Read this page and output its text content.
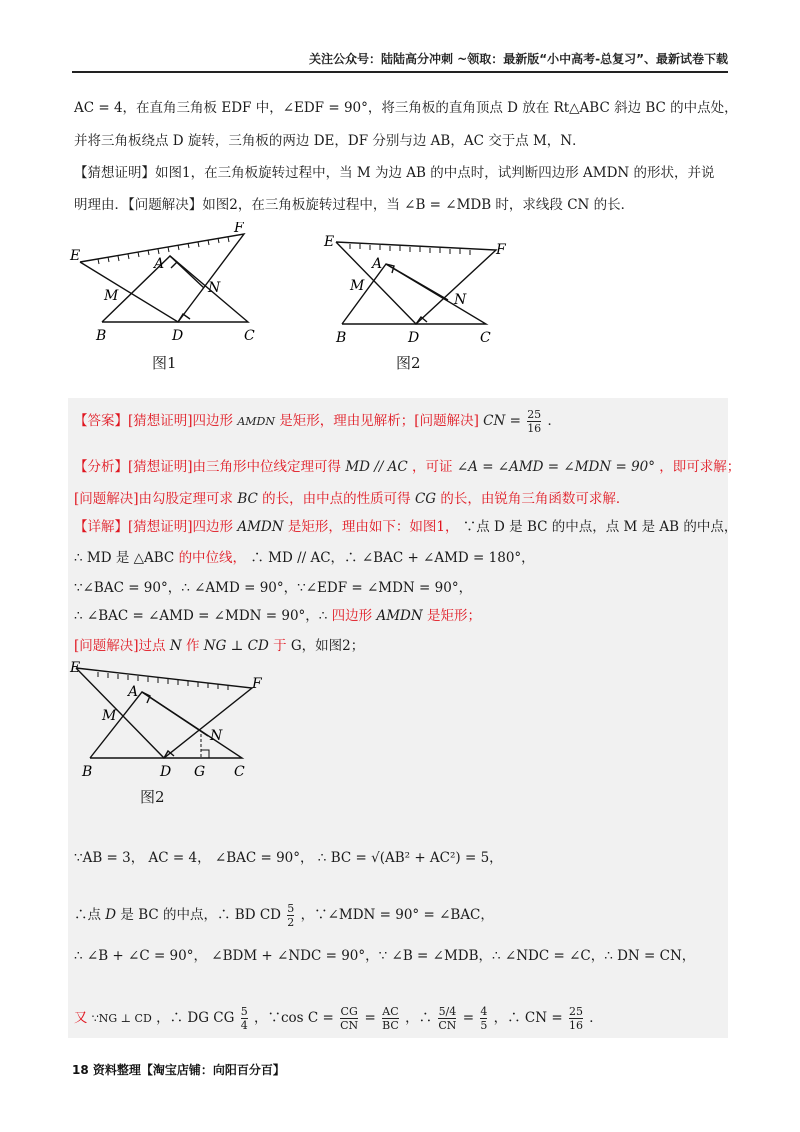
关注公众号：陆陆高分冲刺 ~领取：最新版“小中高考-总复习”、最新试卷下载
AC = 4，在直角三角板 EDF 中，∠EDF = 90°，将三角板的直角顶点 D 放在 Rt△ABC 斜边 BC 的中点处，
并将三角板绕点 D 旋转，三角板的两边 DE，DF 分别与边 AB，AC 交于点 M，N．
【猜想证明】如图1，在三角板旋转过程中，当 M 为边 AB 的中点时，试判断四边形 AMDN 的形状，并说
明理由．【问题解决】如图2，在三角板旋转过程中，当 ∠B = ∠MDB 时，求线段 CN 的长．
E
F
A
M	N
B	D	C
图1
E	F
A
M
N
B	D	C
图2
【答案】[猜想证明]四边形 AMDN 是矩形，理由见解析；[问题解决] CN = $\frac{25}{16}$ ．
【分析】[猜想证明]由三角形中位线定理可得 MD // AC ，可证 ∠A = ∠AMD = ∠MDN = 90° ，即可求解；
[问题解决]由勾股定理可求 BC 的长，由中点的性质可得 CG 的长，由锐角三角函数可求解．
【详解】[猜想证明]四边形 AMDN 是矩形，理由如下：如图1， ∵点 D 是 BC 的中点，点 M 是 AB 的中点，
∴ MD 是 △ABC 的中位线， ∴ MD // AC，∴ ∠BAC + ∠AMD = 180°，
∵∠BAC = 90°，∴ ∠AMD = 90°，∵∠EDF = ∠MDN = 90°，
∴ ∠BAC = ∠AMD = ∠MDN = 90°，∴ 四边形 AMDN 是矩形；
[问题解决]过点 N 作 NG ⊥ CD 于 G，如图2；
E
F
A
M
N
B	D G C
图2
∵AB = 3， AC = 4， ∠BAC = 90°， ∴ BC = √(AB² + AC²) = 5，
∴点 D 是 BC 的中点，∴ BD CD $\frac{5}{2}$ ，∵∠MDN = 90° = ∠BAC，
∴ ∠B + ∠C = 90°， ∠BDM + ∠NDC = 90°，∵ ∠B = ∠MDB，∴ ∠NDC = ∠C，∴ DN = CN，
又 ∵NG ⊥ CD ，∴ DG CG $\frac{5}{4}$ ，∵cos $C = \frac{CG}{CN} = \frac{AC}{BC}$ ，∴ $\frac{5/4}{CN} = \frac{4}{5}$ ，∴ CN = $\frac{25}{16}$ ．
18 资料整理【淘宝店铺：向阳百分百】
